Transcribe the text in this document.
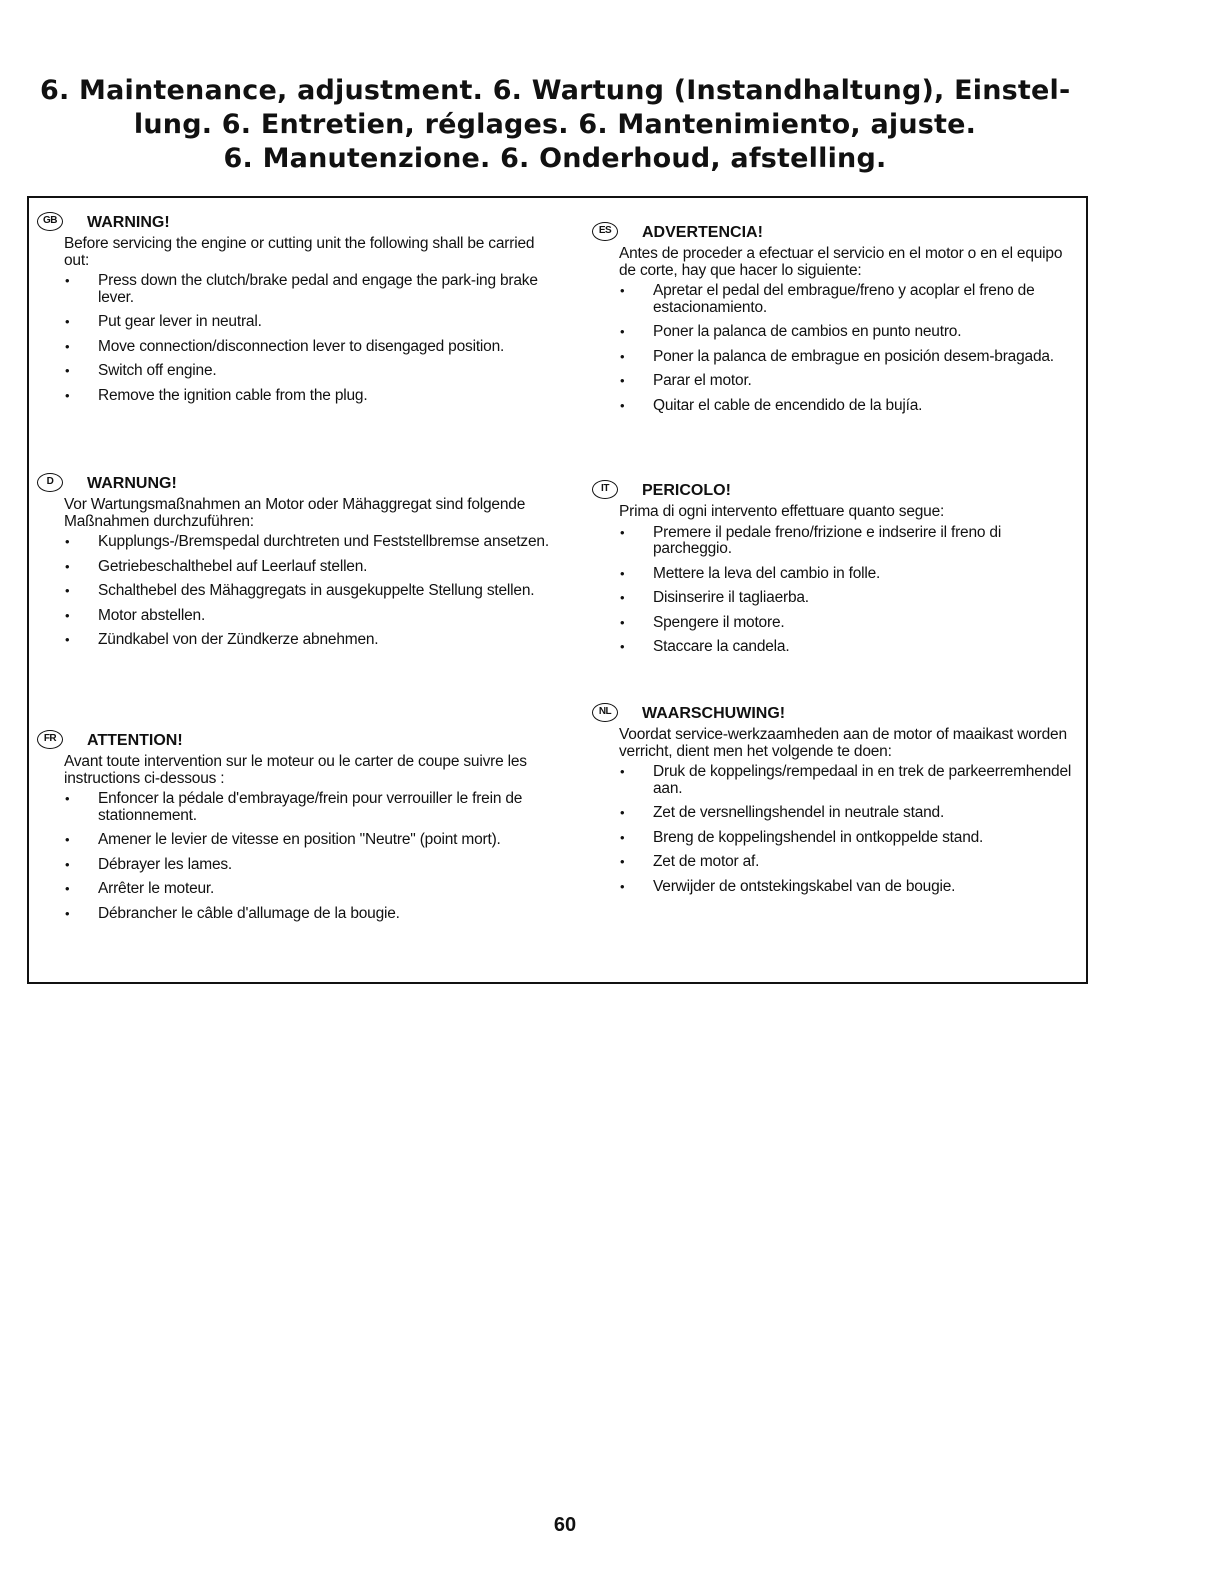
6. Maintenance, adjustment. 6. Wartung (Instandhaltung), Einstel-
lung. 6. Entretien, réglages. 6. Mantenimiento, ajuste.
6. Manutenzione. 6. Onderhoud, afstelling.
GB	WARNING!

Before servicing the engine or cutting unit the following shall be carried out:

• Press down the clutch/brake pedal and engage the park-ing brake lever.
• Put gear lever in neutral.
• Move connection/disconnection lever to disengaged position.
• Switch off engine.
• Remove the ignition cable from the plug.
D	WARNUNG!

Vor Wartungsmaßnahmen an Motor oder Mähaggregat sind folgende Maßnahmen durchzuführen:

• Kupplungs-/Bremspedal durchtreten und Feststellbremse ansetzen.
• Getriebeschalthebel auf Leerlauf stellen.
• Schalthebel des Mähaggregats in ausgekuppelte Stellung stellen.
• Motor abstellen.
• Zündkabel von der Zündkerze abnehmen.
FR	ATTENTION!

Avant toute intervention sur le moteur ou le carter de coupe suivre les instructions ci-dessous :

• Enfoncer la pédale d'embrayage/frein pour verrouiller le frein de stationnement.
• Amener le levier de vitesse en position "Neutre" (point mort).
• Débrayer les lames.
• Arrêter le moteur.
• Débrancher le câble d'allumage de la bougie.
ES	ADVERTENCIA!

Antes de proceder a efectuar el servicio en el motor o en el equipo de corte, hay que hacer lo siguiente:

• Apretar el pedal del embrague/freno y acoplar el freno de estacionamiento.
• Poner la palanca de cambios en punto neutro.
• Poner la palanca de embrague en posición desem-bragada.
• Parar el motor.
• Quitar el cable de encendido de la bujía.
IT	PERICOLO!

Prima di ogni intervento effettuare quanto segue:

• Premere il pedale freno/frizione e indserire il freno di parcheggio.
• Mettere la leva del cambio in folle.
• Disinserire il tagliaerba.
• Spengere il motore.
• Staccare la candela.
NL	WAARSCHUWING!

Voordat service-werkzaamheden aan de motor of maaikast worden verricht, dient men het volgende te doen:

• Druk de koppelings/rempedaal in en trek de parkeerremhendel aan.
• Zet de versnellingshendel in neutrale stand.
• Breng de koppelingshendel in ontkoppelde stand.
• Zet de motor af.
• Verwijder de ontstekingskabel van de bougie.
60
